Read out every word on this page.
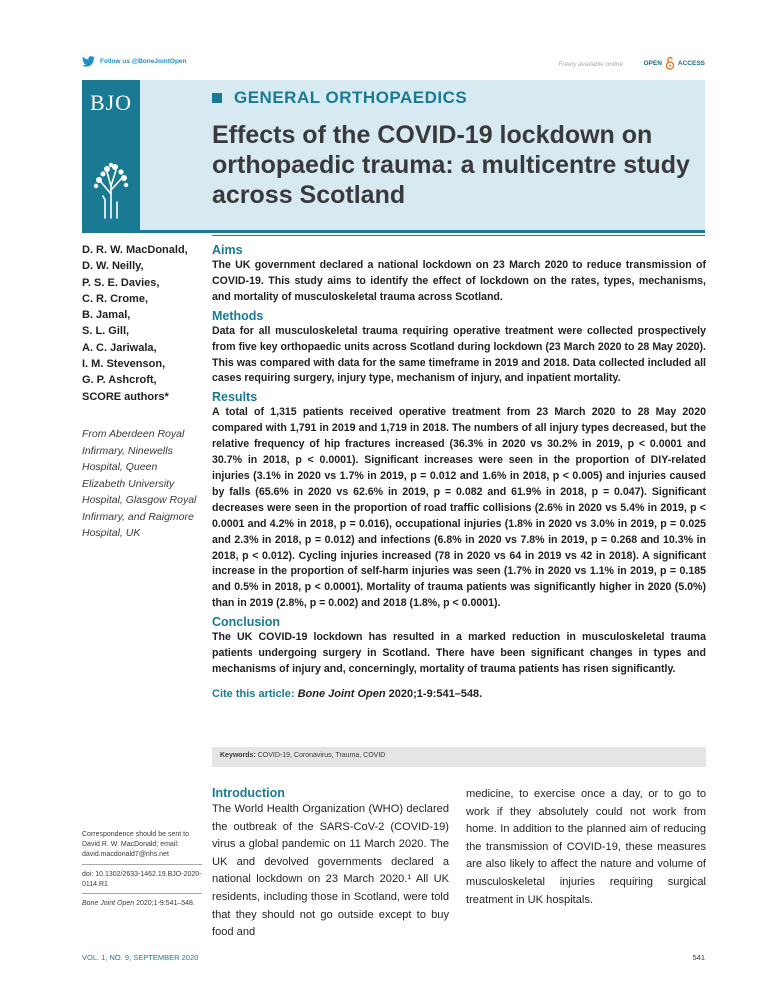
Follow us @BoneJointOpen	Freely available online	OPEN ACCESS
BJO	GENERAL ORTHOPAEDICS
Effects of the COVID-19 lockdown on orthopaedic trauma: a multicentre study across Scotland
D. R. W. MacDonald,
D. W. Neilly,
P. S. E. Davies,
C. R. Crome,
B. Jamal,
S. L. Gill,
A. C. Jariwala,
I. M. Stevenson,
G. P. Ashcroft,
SCORE authors*
From Aberdeen Royal Infirmary, Ninewells Hospital, Queen Elizabeth University Hospital, Glasgow Royal Infirmary, and Raigmore Hospital, UK
Aims

The UK government declared a national lockdown on 23 March 2020 to reduce transmission of COVID-19. This study aims to identify the effect of lockdown on the rates, types, mechanisms, and mortality of musculoskeletal trauma across Scotland.

Methods

Data for all musculoskeletal trauma requiring operative treatment were collected prospectively from five key orthopaedic units across Scotland during lockdown (23 March 2020 to 28 May 2020). This was compared with data for the same timeframe in 2019 and 2018. Data collected included all cases requiring surgery, injury type, mechanism of injury, and inpatient mortality.

Results

A total of 1,315 patients received operative treatment from 23 March 2020 to 28 May 2020 compared with 1,791 in 2019 and 1,719 in 2018. The numbers of all injury types decreased, but the relative frequency of hip fractures increased (36.3% in 2020 vs 30.2% in 2019, p < 0.0001 and 30.7% in 2018, p < 0.0001). Significant increases were seen in the proportion of DIY-related injuries (3.1% in 2020 vs 1.7% in 2019, p = 0.012 and 1.6% in 2018, p < 0.005) and injuries caused by falls (65.6% in 2020 vs 62.6% in 2019, p = 0.082 and 61.9% in 2018, p = 0.047). Significant decreases were seen in the proportion of road traffic collisions (2.6% in 2020 vs 5.4% in 2019, p < 0.0001 and 4.2% in 2018, p = 0.016), occupational injuries (1.8% in 2020 vs 3.0% in 2019, p = 0.025 and 2.3% in 2018, p = 0.012) and infections (6.8% in 2020 vs 7.8% in 2019, p = 0.268 and 10.3% in 2018, p < 0.012). Cycling injuries increased (78 in 2020 vs 64 in 2019 vs 42 in 2018). A significant increase in the proportion of self-harm injuries was seen (1.7% in 2020 vs 1.1% in 2019, p = 0.185 and 0.5% in 2018, p < 0.0001). Mortality of trauma patients was significantly higher in 2020 (5.0%) than in 2019 (2.8%, p = 0.002) and 2018 (1.8%, p < 0.0001).

Conclusion

The UK COVID-19 lockdown has resulted in a marked reduction in musculoskeletal trauma patients undergoing surgery in Scotland. There have been significant changes in types and mechanisms of injury and, concerningly, mortality of trauma patients has risen significantly.

Cite this article: Bone Joint Open 2020;1-9:541–548.
Keywords: COVID-19, Coronavirus, Trauma, COVID
Correspondence should be sent to David R. W. MacDonald; email: david.macdonald7@nhs.net
doi: 10.1302/2633-1462.19.BJO-2020-0114.R1
Bone Joint Open 2020;1-9:541–548.
Introduction

The World Health Organization (WHO) declared the outbreak of the SARS-CoV-2 (COVID-19) virus a global pandemic on 11 March 2020. The UK and devolved governments declared a national lockdown on 23 March 2020.¹ All UK residents, including those in Scotland, were told that they should not go outside except to buy food and

medicine, to exercise once a day, or to go to work if they absolutely could not work from home. In addition to the planned aim of reducing the transmission of COVID-19, these measures are also likely to affect the nature and volume of musculoskeletal injuries requiring surgical treatment in UK hospitals.
VOL. 1, NO. 9, SEPTEMBER 2020	541
